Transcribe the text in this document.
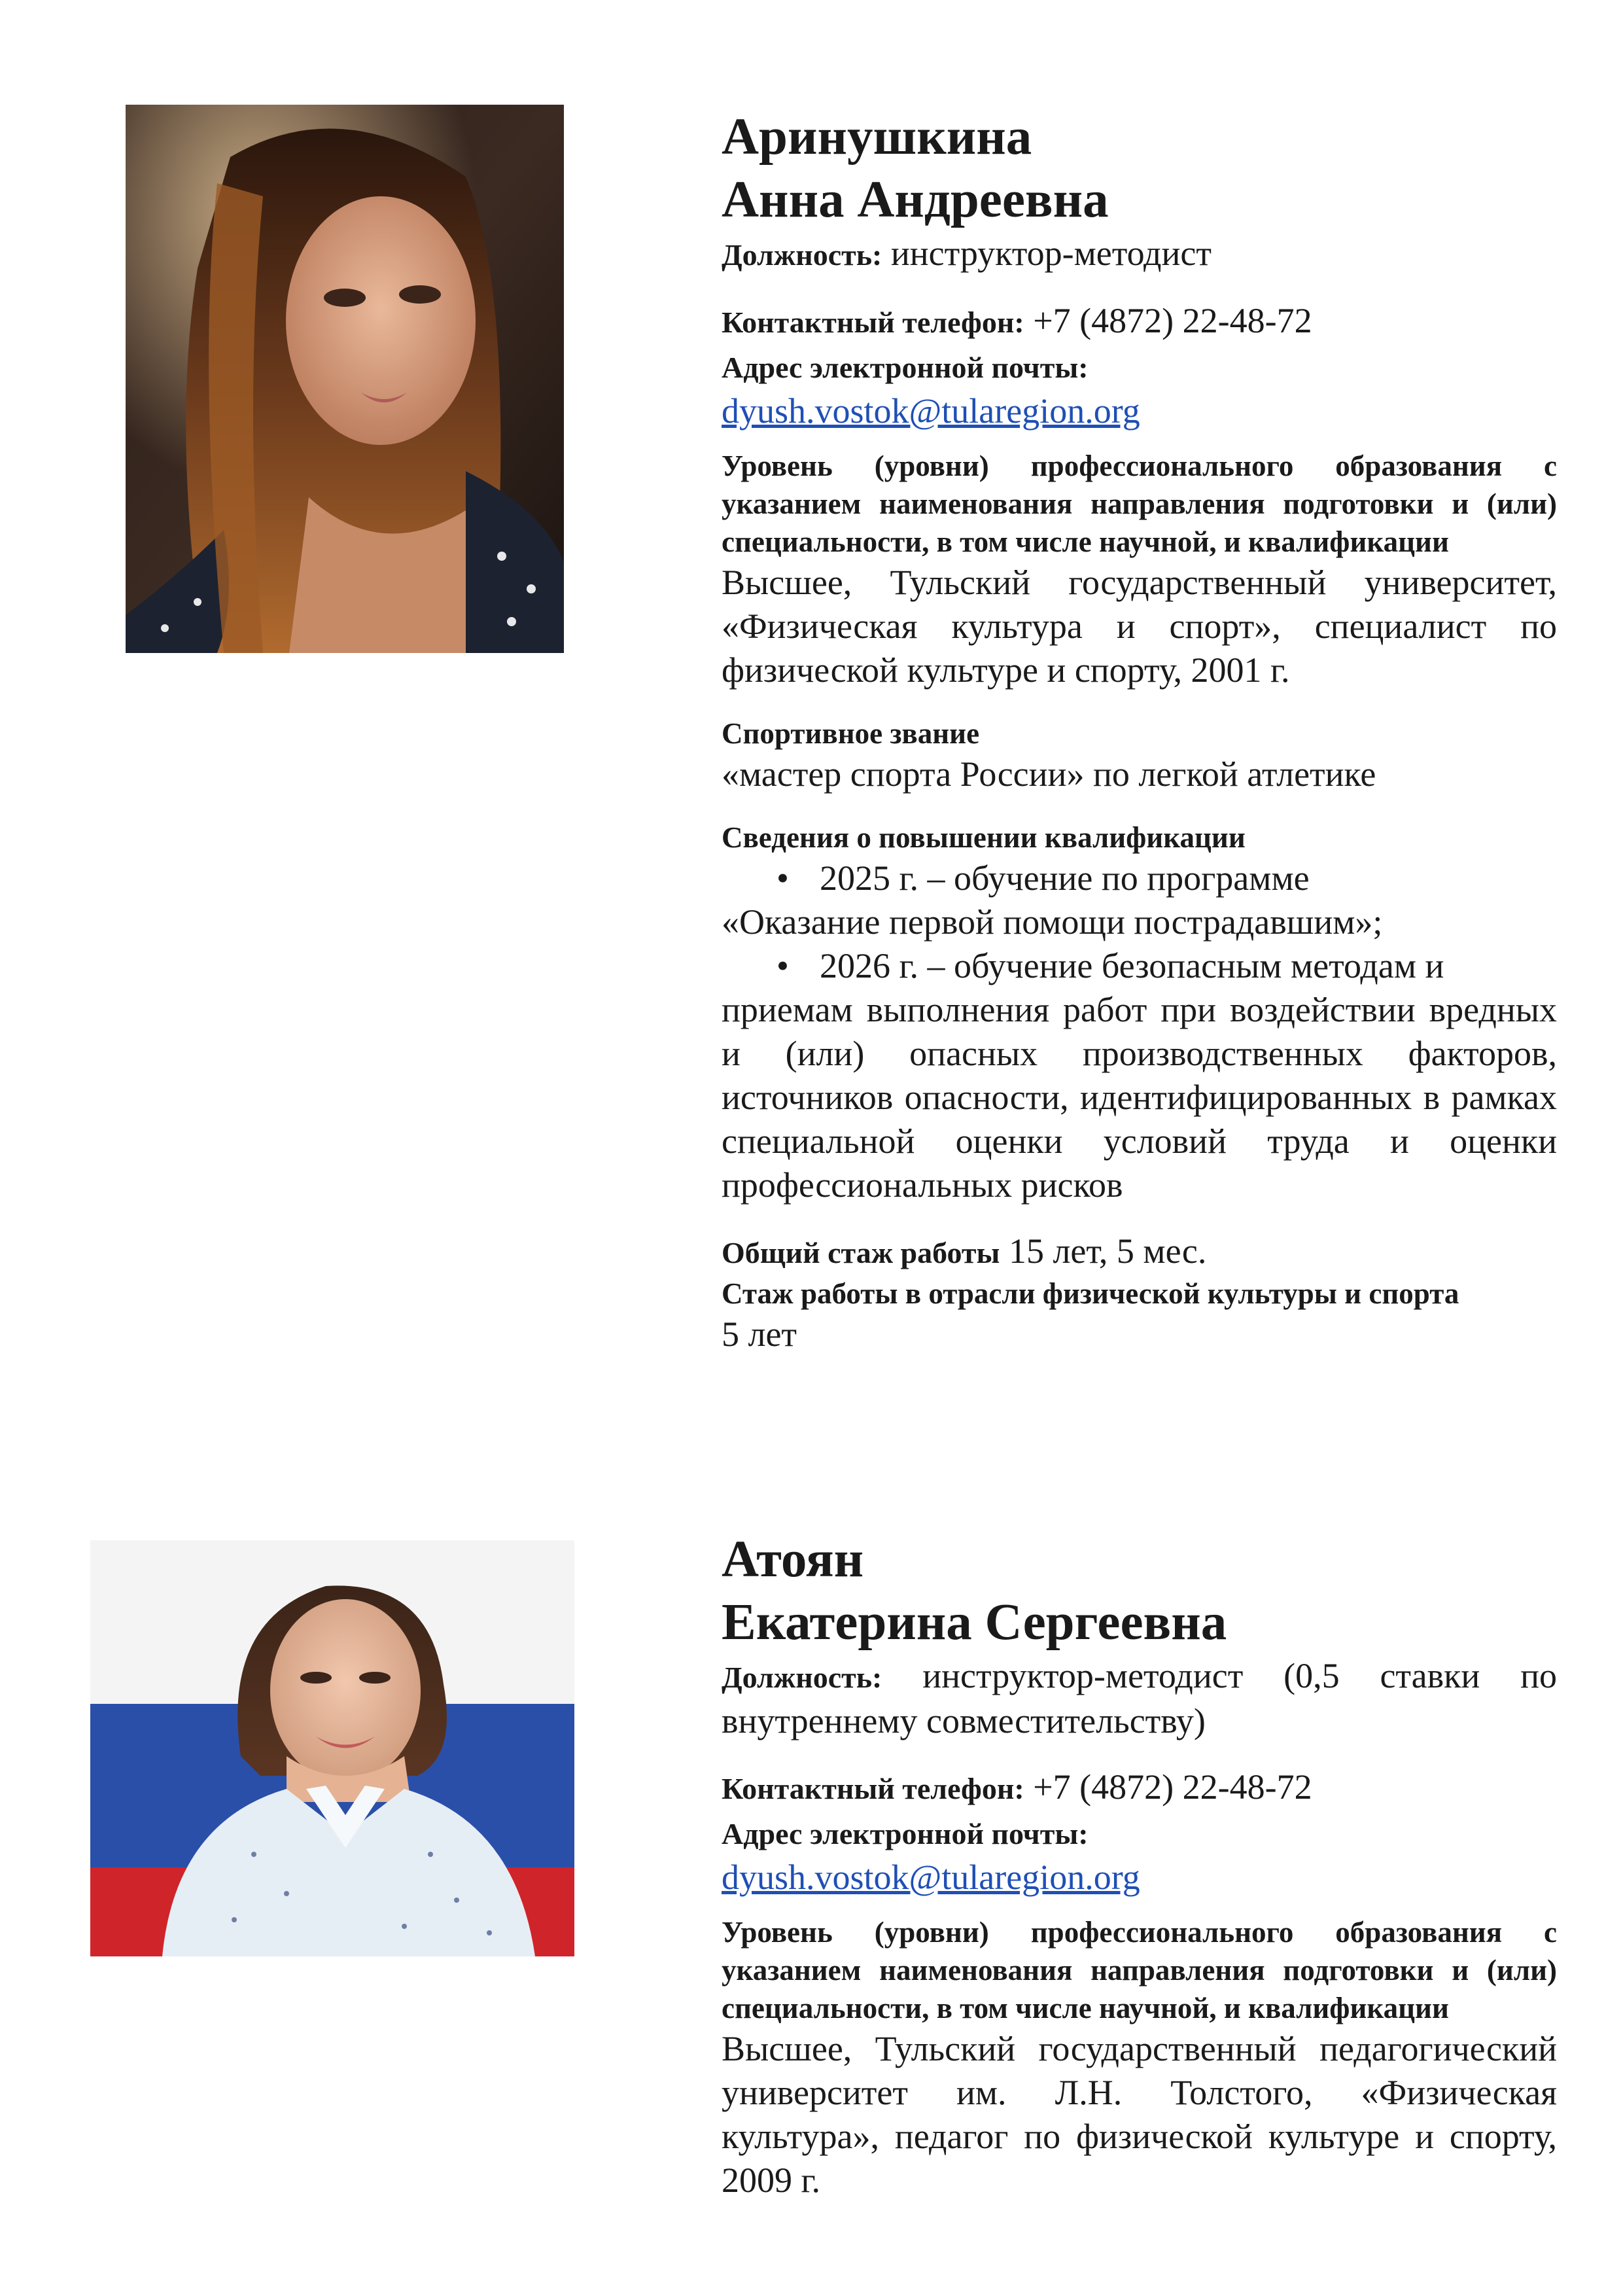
Аринушкина

Анна Андреевна

Должность: инструктор-методист

Контактный телефон: +7 (4872) 22-48-72

Адрес электронной почты:

dyush.vostok@tularegion.org

Уровень (уровни) профессионального образования с указанием наименования направления подготовки и (или) специальности, в том числе научной, и квалификации

Высшее, Тульский государственный университет, «Физическая культура и спорт», специалист по физической культуре и спорту, 2001 г.

Спортивное звание

«мастер спорта России» по легкой атлетике

Сведения о повышении квалификации

• 2025 г. – обучение по программе

«Оказание первой помощи пострадавшим»;

• 2026 г. – обучение безопасным методам и

приемам выполнения работ при воздействии вредных и (или) опасных производственных факторов, источников опасности, идентифицированных в рамках специальной оценки условий труда и оценки профессиональных рисков

Общий стаж работы 15 лет, 5 мес.

Стаж работы в отрасли физической культуры и спорта

5 лет

Атоян

Екатерина Сергеевна

Должность: инструктор-методист (0,5 ставки по внутреннему совместительству)

Контактный телефон: +7 (4872) 22-48-72

Адрес электронной почты:

dyush.vostok@tularegion.org

Уровень (уровни) профессионального образования с указанием наименования направления подготовки и (или) специальности, в том числе научной, и квалификации

Высшее, Тульский государственный педагогический университет им. Л.Н. Толстого, «Физическая культура», педагог по физической культуре и спорту, 2009 г.
